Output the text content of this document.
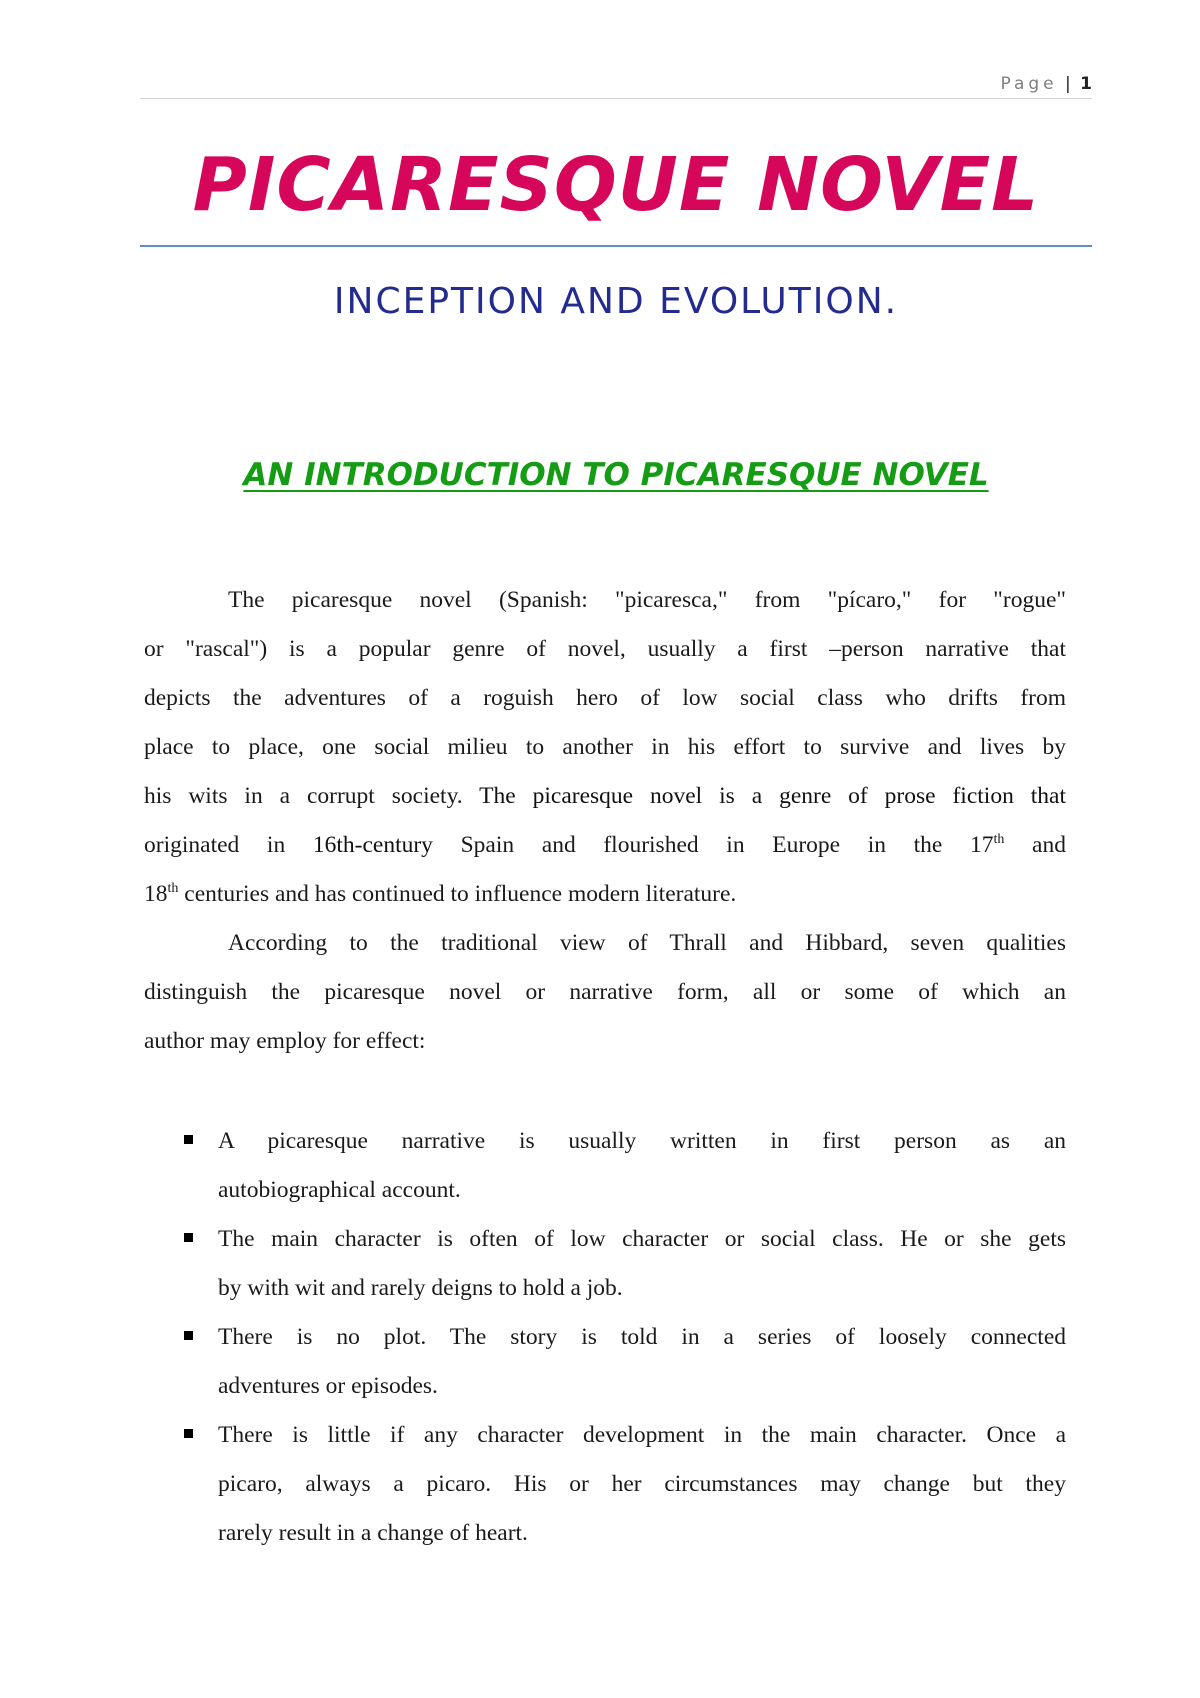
Page | 1
PICARESQUE NOVEL
INCEPTION AND EVOLUTION.
AN INTRODUCTION TO PICARESQUE NOVEL
The picaresque novel (Spanish: "picaresca," from "pícaro," for "rogue"
or "rascal") is a popular genre of novel, usually a first –person narrative that
depicts the adventures of a roguish hero of low social class who drifts from
place to place, one social milieu to another in his effort to survive and lives by
his wits in a corrupt society. The picaresque novel is a genre of prose fiction that
originated in 16th-century Spain and flourished in Europe in the 17th and
18th centuries and has continued to influence modern literature.
According to the traditional view of Thrall and Hibbard, seven qualities
distinguish the picaresque novel or narrative form, all or some of which an
author may employ for effect:
A picaresque narrative is usually written in first person as an
autobiographical account.
The main character is often of low character or social class. He or she gets
by with wit and rarely deigns to hold a job.
There is no plot. The story is told in a series of loosely connected
adventures or episodes.
There is little if any character development in the main character. Once a
picaro, always a picaro. His or her circumstances may change but they
rarely result in a change of heart.
